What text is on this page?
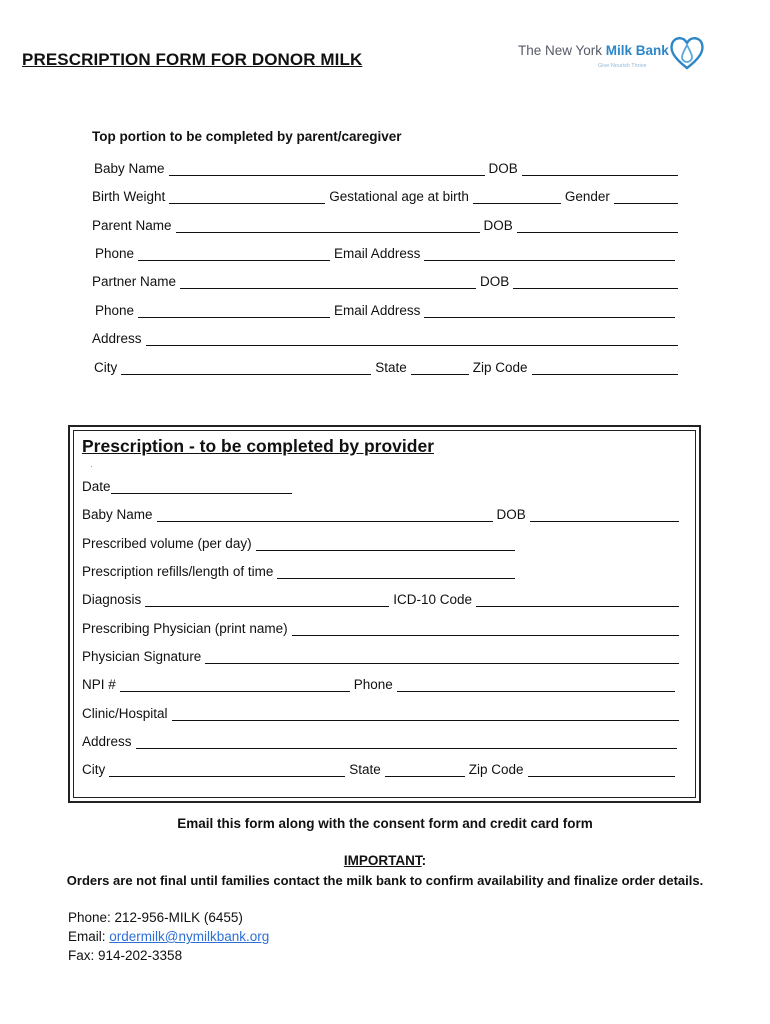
PRESCRIPTION FORM FOR DONOR MILK	The New York Milk Bank
Give Nourish Thrive
Top portion to be completed by parent/caregiver
Baby Name	DOB
Birth Weight	Gestational age at birth	Gender
Parent Name	DOB
Phone	Email Address
Partner Name	DOB
Phone	Email Address
Address
City	State	Zip Code
Prescription - to be completed by provider
·
Date
Baby Name	DOB
Prescribed volume (per day)
Prescription refills/length of time
Diagnosis	ICD-10 Code
Prescribing Physician (print name)
Physician Signature
NPI #	Phone
Clinic/Hospital
Address
City	State	Zip Code
Email this form along with the consent form and credit card form
IMPORTANT:
Orders are not final until families contact the milk bank to confirm availability and finalize order details.
Phone: 212-956-MILK (6455)
Email: ordermilk@nymilkbank.org
Fax: 914-202-3358
